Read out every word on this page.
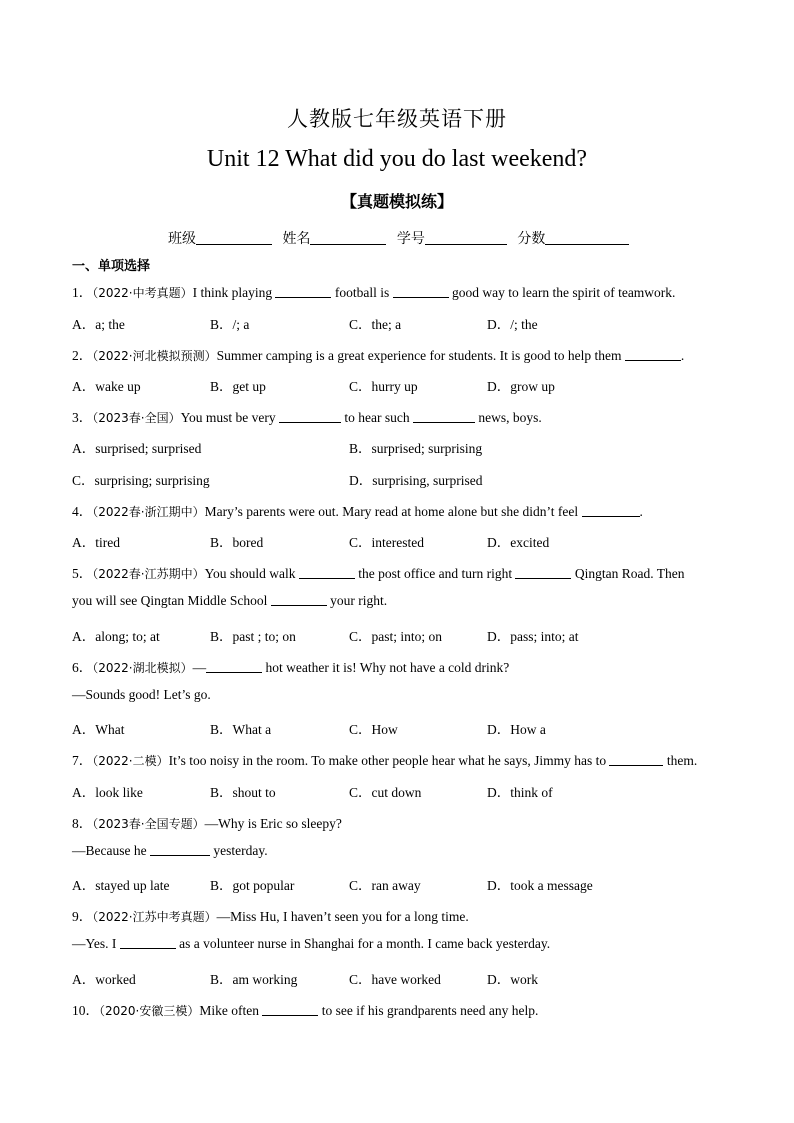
人教版七年级英语下册
Unit 12 What did you do last weekend?
【真题模拟练】
班级	姓名	学号	分数
一、单项选择
1．（2022·中考真题）I think playing	football is	good way to learn the spirit of teamwork.
A．a; the	B．/; a	C．the; a	D．/; the
2．（2022·河北模拟预测）Summer camping is a great experience for students. It is good to help them	.
A．wake up	B．get up	C．hurry up	D．grow up
3．（2023春·全国）You must be very	to hear such	news, boys.
A．surprised; surprised	B．surprised; surprising
C．surprising; surprising	D．surprising, surprised
4．（2022春·浙江期中）Mary’s parents were out. Mary read at home alone but she didn’t feel	.
A．tired	B．bored	C．interested	D．excited
5．（2022春·江苏期中）You should walk	the post office and turn right	Qingtan Road. Then
you will see Qingtan Middle School	your right.
A．along; to; at	B．past ; to; on	C．past; into; on	D．pass; into; at
6．（2022·湖北模拟）—	hot weather it is! Why not have a cold drink?
—Sounds good! Let’s go.
A．What	B．What a	C．How	D．How a
7．（2022·二模）It’s too noisy in the room. To make other people hear what he says, Jimmy has to	them.
A．look like	B．shout to	C．cut down	D．think of
8．（2023春·全国专题）—Why is Eric so sleepy?
—Because he	yesterday.
A．stayed up late	B．got popular	C．ran away	D．took a message
9．（2022·江苏中考真题）—Miss Hu, I haven’t seen you for a long time.
—Yes. I	as a volunteer nurse in Shanghai for a month. I came back yesterday.
A．worked	B．am working	C．have worked	D．work
10．（2020·安徽三模）Mike often	to see if his grandparents need any help.
